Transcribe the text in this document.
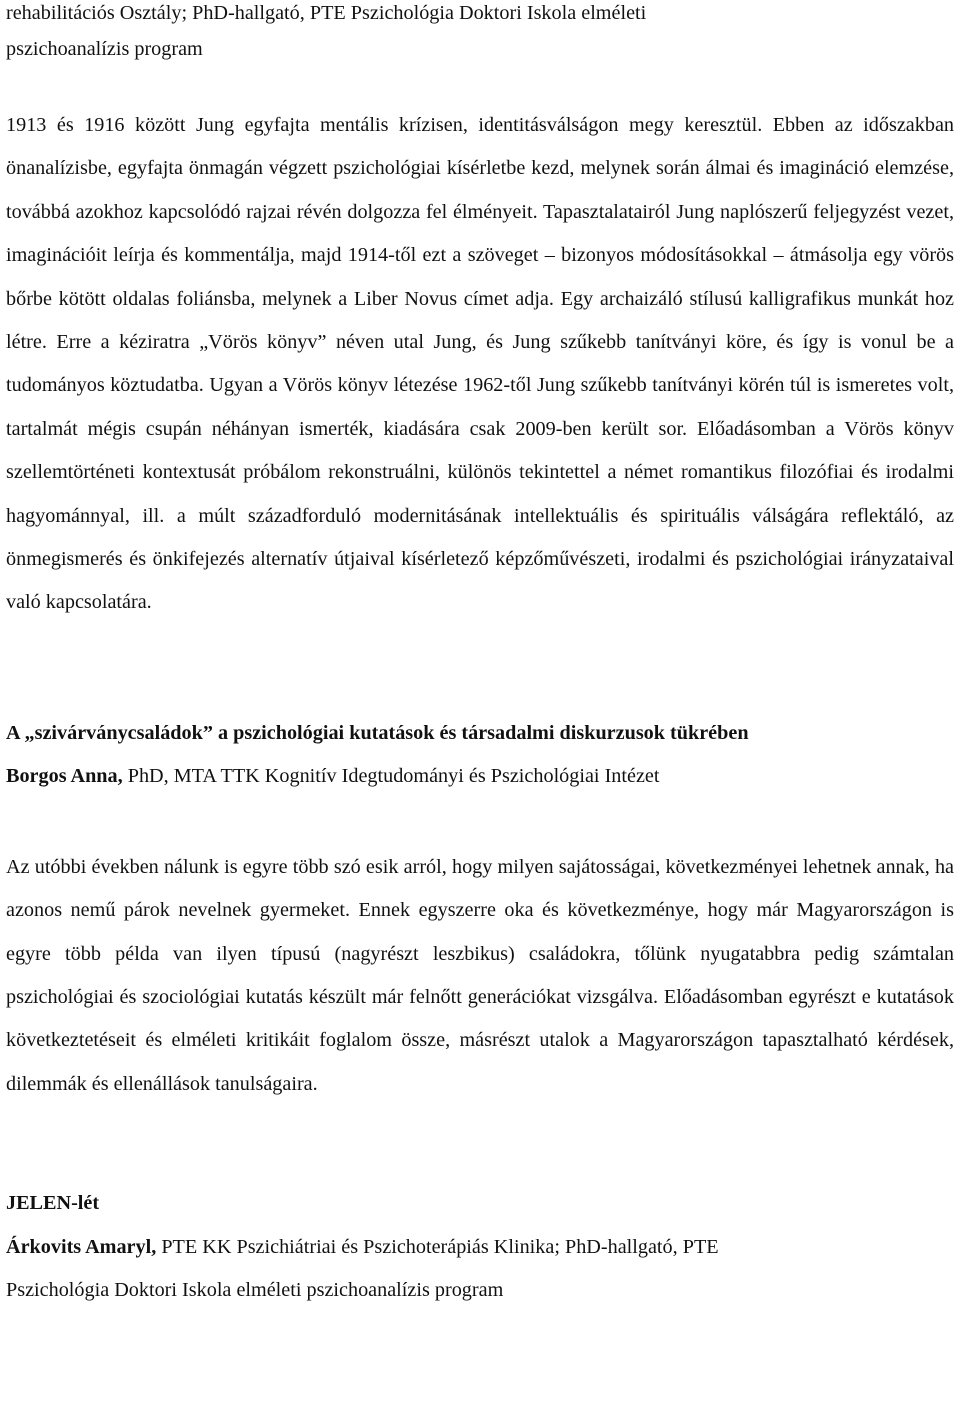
rehabilitációs Osztály; PhD-hallgató, PTE Pszichológia Doktori Iskola elméleti

pszichoanalízis program

1913 és 1916 között Jung egyfajta mentális krízisen, identitásválságon megy keresztül. Ebben az időszakban önanalízisbe, egyfajta önmagán végzett pszichológiai kísérletbe kezd, melynek során álmai és imagináció elemzése, továbbá azokhoz kapcsolódó rajzai révén dolgozza fel élményeit. Tapasztalatairól Jung naplószerű feljegyzést vezet, imaginációit leírja és kommentálja, majd 1914-től ezt a szöveget ‒ bizonyos módosításokkal ‒ átmásolja egy vörös bőrbe kötött oldalas foliánsba, melynek a Liber Novus címet adja. Egy archaizáló stílusú kalligrafikus munkát hoz létre. Erre a kéziratra „Vörös könyv” néven utal Jung, és Jung szűkebb tanítványi köre, és így is vonul be a tudományos köztudatba. Ugyan a Vörös könyv létezése 1962-től Jung szűkebb tanítványi körén túl is ismeretes volt, tartalmát mégis csupán néhányan ismerték, kiadására csak 2009-ben került sor. Előadásomban a Vörös könyv szellemtörténeti kontextusát próbálom rekonstruálni, különös tekintettel a német romantikus filozófiai és irodalmi hagyománnyal, ill. a múlt századforduló modernitásának intellektuális és spirituális válságára reflektáló, az önmegismerés és önkifejezés alternatív útjaival kísérletező képzőművészeti, irodalmi és pszichológiai irányzataival való kapcsolatára.

A „szivárványcsaládok” a pszichológiai kutatások és társadalmi diskurzusok tükrében

Borgos Anna, PhD, MTA TTK Kognitív Idegtudományi és Pszichológiai Intézet

Az utóbbi években nálunk is egyre több szó esik arról, hogy milyen sajátosságai, következményei lehetnek annak, ha azonos nemű párok nevelnek gyermeket. Ennek egyszerre oka és következménye, hogy már Magyarországon is egyre több példa van ilyen típusú (nagyrészt leszbikus) családokra, tőlünk nyugatabbra pedig számtalan pszichológiai és szociológiai kutatás készült már felnőtt generációkat vizsgálva. Előadásomban egyrészt e kutatások következtetéseit és elméleti kritikáit foglalom össze, másrészt utalok a Magyarországon tapasztalható kérdések, dilemmák és ellenállások tanulságaira.

JELEN-lét

Árkovits Amaryl, PTE KK Pszichiátriai és Pszichoterápiás Klinika; PhD-hallgató, PTE

Pszichológia Doktori Iskola elméleti pszichoanalízis program
